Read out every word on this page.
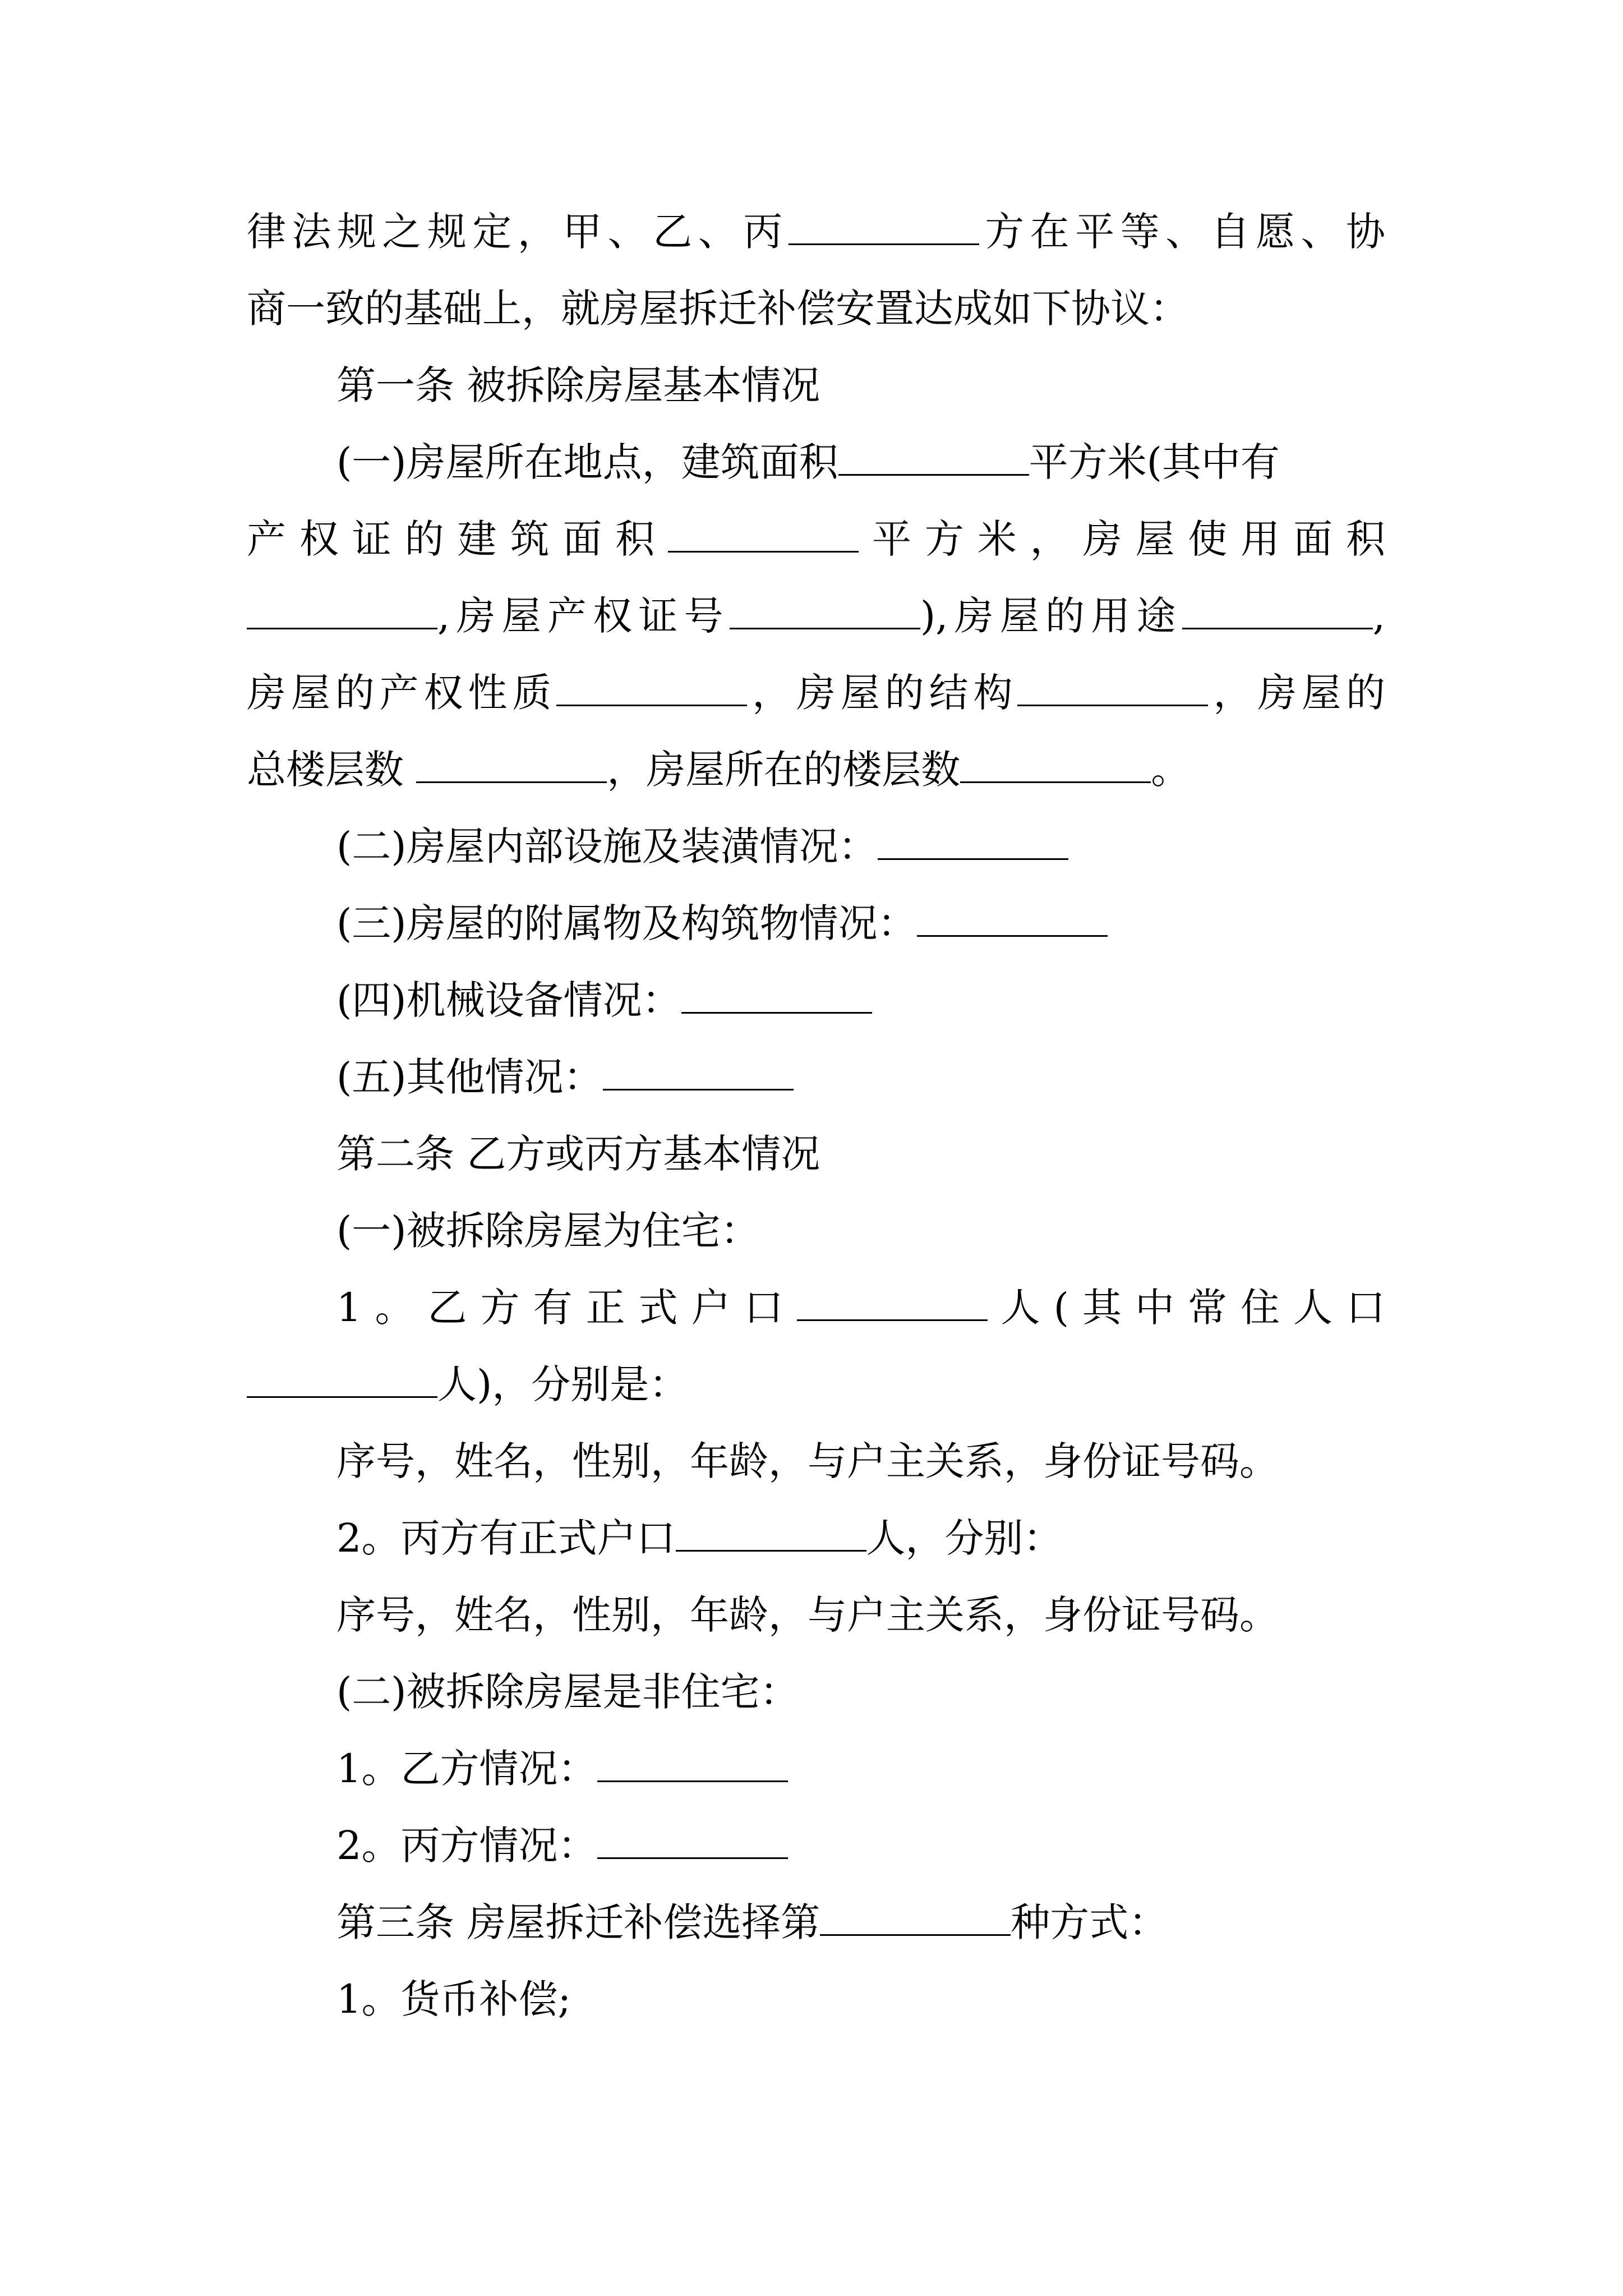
律法规之规定，甲、乙、丙	方在平等、自愿、协
商一致的基础上，就房屋拆迁补偿安置达成如下协议：
第一条 被拆除房屋基本情况
(一)房屋所在地点，建筑面积	平方米(其中有
产权证的建筑面积	平方米，房屋使用面积
,房屋产权证号	),房屋的用途	,
房屋的产权性质	，房屋的结构	，房屋的
总楼层数	，房屋所在的楼层数	。
(二)房屋内部设施及装潢情况：
(三)房屋的附属物及构筑物情况：
(四)机械设备情况：
(五)其他情况：
第二条 乙方或丙方基本情况
(一)被拆除房屋为住宅：
1。乙方有正式户口	人(其中常住人口
人)，分别是：
序号，姓名，性别，年龄，与户主关系，身份证号码。
2。丙方有正式户口	人，分别：
序号，姓名，性别，年龄，与户主关系，身份证号码。
(二)被拆除房屋是非住宅：
1。乙方情况：
2。丙方情况：
第三条 房屋拆迁补偿选择第	种方式：
1。货币补偿;
